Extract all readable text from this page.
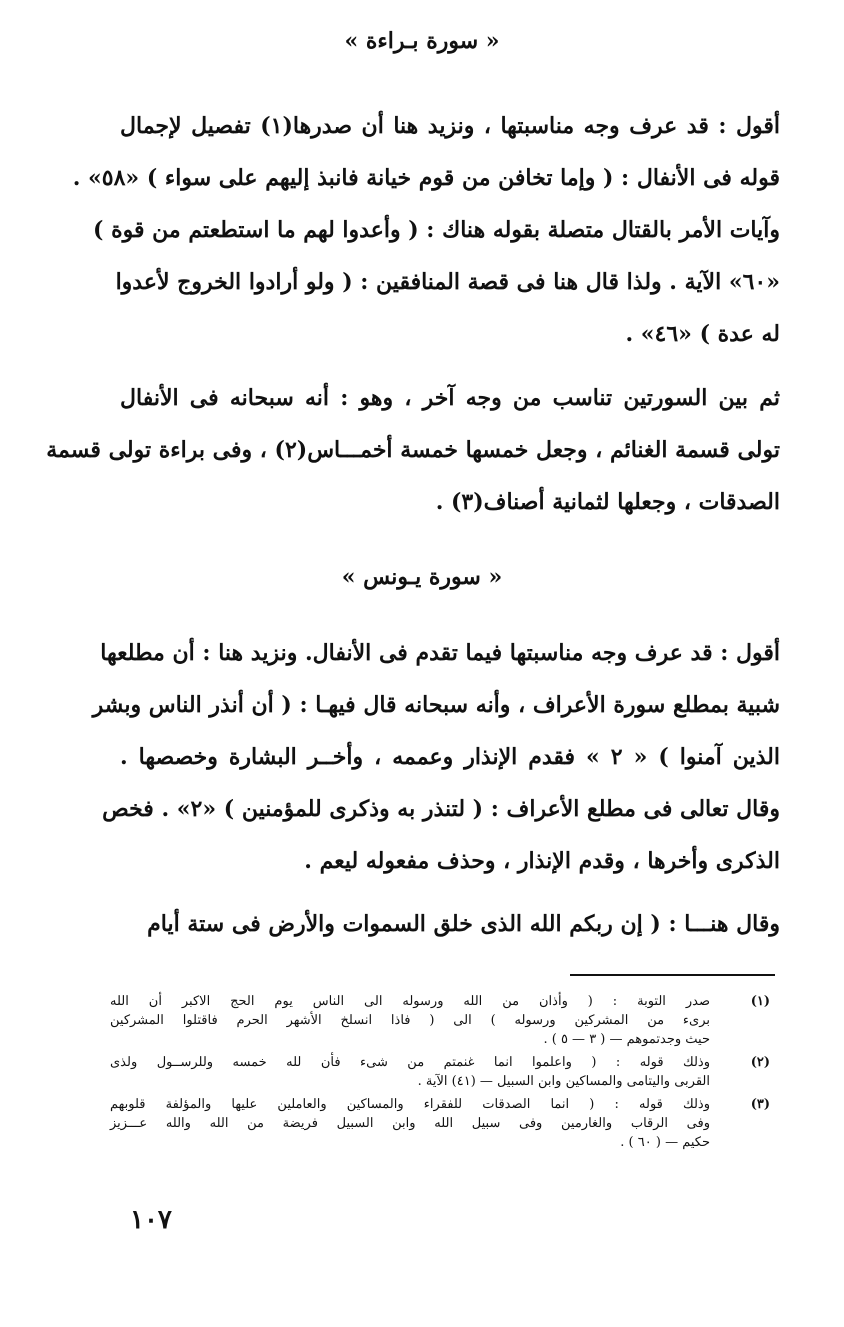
« سورة بـراءة »
أقول : قد عرف وجه مناسبتها ، ونزيد هنا أن صدرها(١) تفصيل لإجمال
قوله فى الأنفال : ( وإما تخافن من قوم خيانة فانبذ إليهم على سواء ) «٥٨» .
وآيات الأمر بالقتال متصلة بقوله هناك : ( وأعدوا لهم ما استطعتم من قوة )
«٦٠» الآية . ولذا قال هنا فى قصة المنافقين : ( ولو أرادوا الخروج لأعدوا
له عدة ) «٤٦» .
ثم بين السورتين تناسب من وجه آخر ، وهو : أنه سبحانه فى الأنفال
تولى قسمة الغنائم ، وجعل خمسها خمسة أخمـــاس(٢) ، وفى براءة تولى قسمة
الصدقات ، وجعلها لثمانية أصناف(٣) .
« سورة يـونس »
أقول : قد عرف وجه مناسبتها فيما تقدم فى الأنفال. ونزيد هنا : أن مطلعها
شبية بمطلع سورة الأعراف ، وأنه سبحانه قال فيهـا : ( أن أنذر الناس وبشر
الذين آمنوا ) « ٢ » فقدم الإنذار وعممه ، وأخــر البشارة وخصصها .
وقال تعالى فى مطلع الأعراف : ( لتنذر به وذكرى للمؤمنين ) «٢» . فخص
الذكرى وأخرها ، وقدم الإنذار ، وحذف مفعوله ليعم .
وقال هنـــا : ( إن ربكم الله الذى خلق السموات والأرض فى ستة أيام
(١)
صدر التوبة : ( وأذان من الله ورسوله الى الناس يوم الحج الاكبر أن الله
برىء من المشركين ورسوله ) الى ( فاذا انسلخ الأشهر الحرم فاقتلوا المشركين
حيث وجدتموهم — ( ٣ — ٥ ) .
(٢)
وذلك قوله : ( واعلموا انما غنمتم من شىء فأن لله خمسه وللرســول ولذى
القربى واليتامى والمساكين وابن السبيل — (٤١) الآية .
(٣)
وذلك قوله : ( انما الصدقات للفقراء والمساكين والعاملين عليها والمؤلفة قلوبهم
وفى الرقاب والغارمين وفى سبيل الله وابن السبيل فريضة من الله والله عـــزيز
حكيم — ( ٦٠ ) .
١٠٧
